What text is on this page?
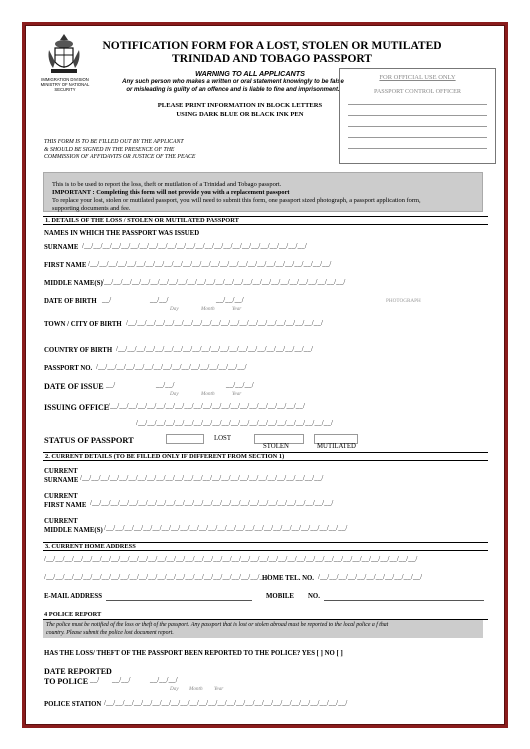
IMMIGRATION DIVISION
MINISTRY OF NATIONAL SECURITY
NOTIFICATION FORM FOR A LOST, STOLEN OR MUTILATED
TRINIDAD AND TOBAGO PASSPORT
WARNING TO ALL APPLICANTS
Any such person who makes a written or oral statement knowingly to be false
or misleading is guilty of an offence and is liable to fine and imprisonment.
PLEASE PRINT INFORMATION IN BLOCK LETTERS
USING DARK BLUE OR BLACK INK PEN
FOR OFFICIAL USE ONLY
PASSPORT CONTROL OFFICER
THIS FORM IS TO BE FILLED OUT BY THE APPLICANT
& SHOULD BE SIGNED IN THE PRESENCE OF THE
COMMISSION OF AFFIDAVITS OR JUSTICE OF THE PEACE
This is to be used to report the loss, theft or mutilation of a Trinidad and Tobago passport.
IMPORTANT : Completing this form will not provide you with a replacement passport
To replace your lost, stolen or mutilated passport, you will need to submit this form, one passport sized photograph, a passport application form,
supporting documents and fee.
1. DETAILS OF THE LOSS / STOLEN OR MUTILATED PASSPORT
NAMES IN WHICH THE PASSPORT WAS ISSUED
SURNAME /__/__/__/__/__/__/__/__/__/__/__/__/__/__/__/__/__/__/__/__/__/__/__/__/
FIRST NAME /__/__/__/__/__/__/__/__/__/__/__/__/__/__/__/__/__/__/__/__/__/__/__/__/__/__/
MIDDLE NAME(S) /__/__/__/__/__/__/__/__/__/__/__/__/__/__/__/__/__/__/__/__/__/__/__/__/__/__/
DATE OF BIRTH __/	__/__/	__/__/__/
Day	Month	Year
PHOTOGRAPH
TOWN / CITY OF BIRTH /__/__/__/__/__/__/__/__/__/__/__/__/__/__/__/__/__/__/__/__/__/
COUNTRY OF BIRTH /__/__/__/__/__/__/__/__/__/__/__/__/__/__/__/__/__/__/__/__/__/
PASSPORT NO. /__/__/__/__/__/__/__/__/__/__/__/__/__/__/__/__/
DATE OF ISSUE __/	__/__/	__/__/__/
Day	Month	Year
ISSUING OFFICE
/__/__/__/__/__/__/__/__/__/__/__/__/__/__/__/__/__/__/__/__/__/
/__/__/__/__/__/__/__/__/__/__/__/__/__/__/__/__/__/__/__/__/__/
STATUS OF PASSPORT	LOST
STOLEN	MUTILATED
2. CURRENT DETAILS (TO BE FILLED ONLY IF DIFFERENT FROM SECTION 1)
CURRENT
SURNAME /__/__/__/__/__/__/__/__/__/__/__/__/__/__/__/__/__/__/__/__/__/__/__/__/__/__/
CURRENT
FIRST NAME /__/__/__/__/__/__/__/__/__/__/__/__/__/__/__/__/__/__/__/__/__/__/__/__/__/__/
CURRENT
MIDDLE NAME(S) /__/__/__/__/__/__/__/__/__/__/__/__/__/__/__/__/__/__/__/__/__/__/__/__/__/__/
3. CURRENT HOME ADDRESS
/__/__/__/__/__/__/__/__/__/__/__/__/__/__/__/__/__/__/__/__/__/__/__/__/__/__/__/__/__/__/__/__/__/__/__/__/__/__/__/__/
/__/__/__/__/__/__/__/__/__/__/__/__/__/__/__/__/__/__/__/__/__/__/__/__/
HOME TEL. NO. /__/__/__/__/__/__/__/__/__/__/__/
E-MAIL ADDRESS	MOBILE NO.
4 POLICE REPORT
The police must be notified of the loss or theft of the passport. Any passport that is lost or stolen abroad must be reported to the local police a f that
country. Please submit the police lost document report.
HAS THE LOSS/ THEFT OF THE PASSPORT BEEN REPORTED TO THE POLICE? YES [ ] NO [ ]
DATE REPORTED
TO POLICE __/ __/__/	__/__/__/
Day Month Year
POLICE STATION /__/__/__/__/__/__/__/__/__/__/__/__/__/__/__/__/__/__/__/__/__/__/__/__/__/__/
